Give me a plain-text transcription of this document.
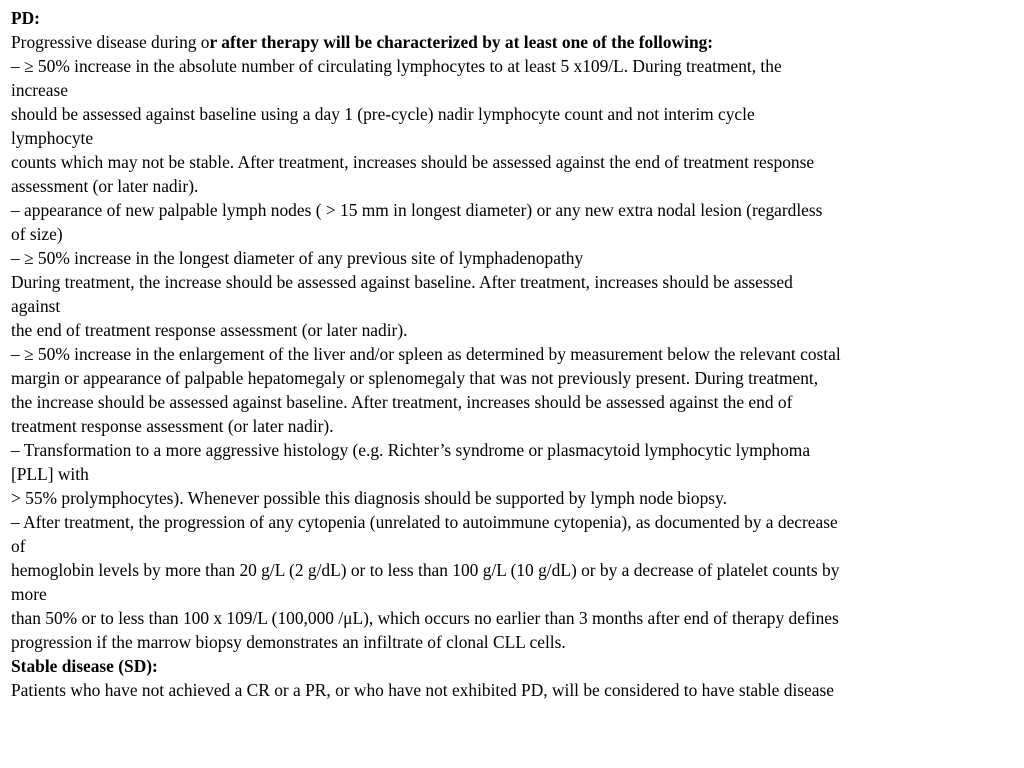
PD:
Progressive disease during or after therapy will be characterized by at least one of the following:
– ≥ 50% increase in the absolute number of circulating lymphocytes to at least 5 x109/L. During treatment, the
increase
should be assessed against baseline using a day 1 (pre-cycle) nadir lymphocyte count and not interim cycle
lymphocyte
counts which may not be stable. After treatment, increases should be assessed against the end of treatment response
assessment (or later nadir).
– appearance of new palpable lymph nodes ( > 15 mm in longest diameter) or any new extra nodal lesion (regardless
of size)
– ≥ 50% increase in the longest diameter of any previous site of lymphadenopathy
During treatment, the increase should be assessed against baseline. After treatment, increases should be assessed
against
the end of treatment response assessment (or later nadir).
– ≥ 50% increase in the enlargement of the liver and/or spleen as determined by measurement below the relevant costal
margin or appearance of palpable hepatomegaly or splenomegaly that was not previously present. During treatment,
the increase should be assessed against baseline. After treatment, increases should be assessed against the end of
treatment response assessment (or later nadir).
– Transformation to a more aggressive histology (e.g. Richter’s syndrome or plasmacytoid lymphocytic lymphoma
[PLL] with
> 55% prolymphocytes). Whenever possible this diagnosis should be supported by lymph node biopsy.
– After treatment, the progression of any cytopenia (unrelated to autoimmune cytopenia), as documented by a decrease
of
hemoglobin levels by more than 20 g/L (2 g/dL) or to less than 100 g/L (10 g/dL) or by a decrease of platelet counts by
more
than 50% or to less than 100 x 109/L (100,000 /μL), which occurs no earlier than 3 months after end of therapy defines
progression if the marrow biopsy demonstrates an infiltrate of clonal CLL cells.
Stable disease (SD):
Patients who have not achieved a CR or a PR, or who have not exhibited PD, will be considered to have stable disease
